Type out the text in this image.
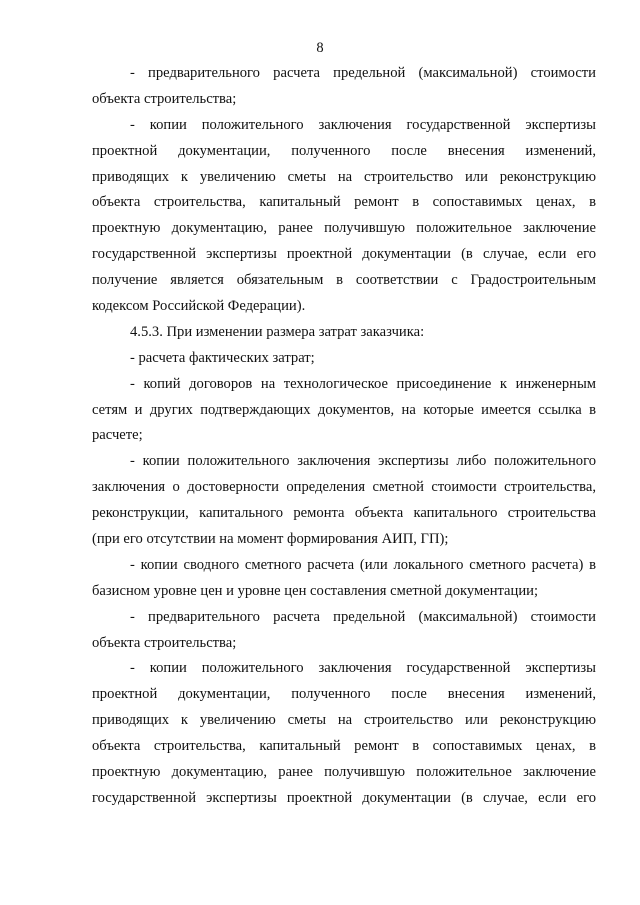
8
- предварительного расчета предельной (максимальной) стоимости
объекта строительства;
- копии положительного заключения государственной экспертизы
проектной документации, полученного после внесения изменений,
приводящих к увеличению сметы на строительство или реконструкцию
объекта строительства, капитальный ремонт в сопоставимых ценах, в
проектную документацию, ранее получившую положительное заключение
государственной экспертизы проектной документации (в случае, если его
получение является обязательным в соответствии с Градостроительным
кодексом Российской Федерации).
4.5.3. При изменении размера затрат заказчика:
- расчета фактических затрат;
- копий договоров на технологическое присоединение к инженерным
сетям и других подтверждающих документов, на которые имеется ссылка в
расчете;
- копии положительного заключения экспертизы либо положительного
заключения о достоверности определения сметной стоимости строительства,
реконструкции, капитального ремонта объекта капитального строительства
(при его отсутствии на момент формирования АИП, ГП);
- копии сводного сметного расчета (или локального сметного расчета) в
базисном уровне цен и уровне цен составления сметной документации;
- предварительного расчета предельной (максимальной) стоимости
объекта строительства;
- копии положительного заключения государственной экспертизы
проектной документации, полученного после внесения изменений,
приводящих к увеличению сметы на строительство или реконструкцию
объекта строительства, капитальный ремонт в сопоставимых ценах, в
проектную документацию, ранее получившую положительное заключение
государственной экспертизы проектной документации (в случае, если его
